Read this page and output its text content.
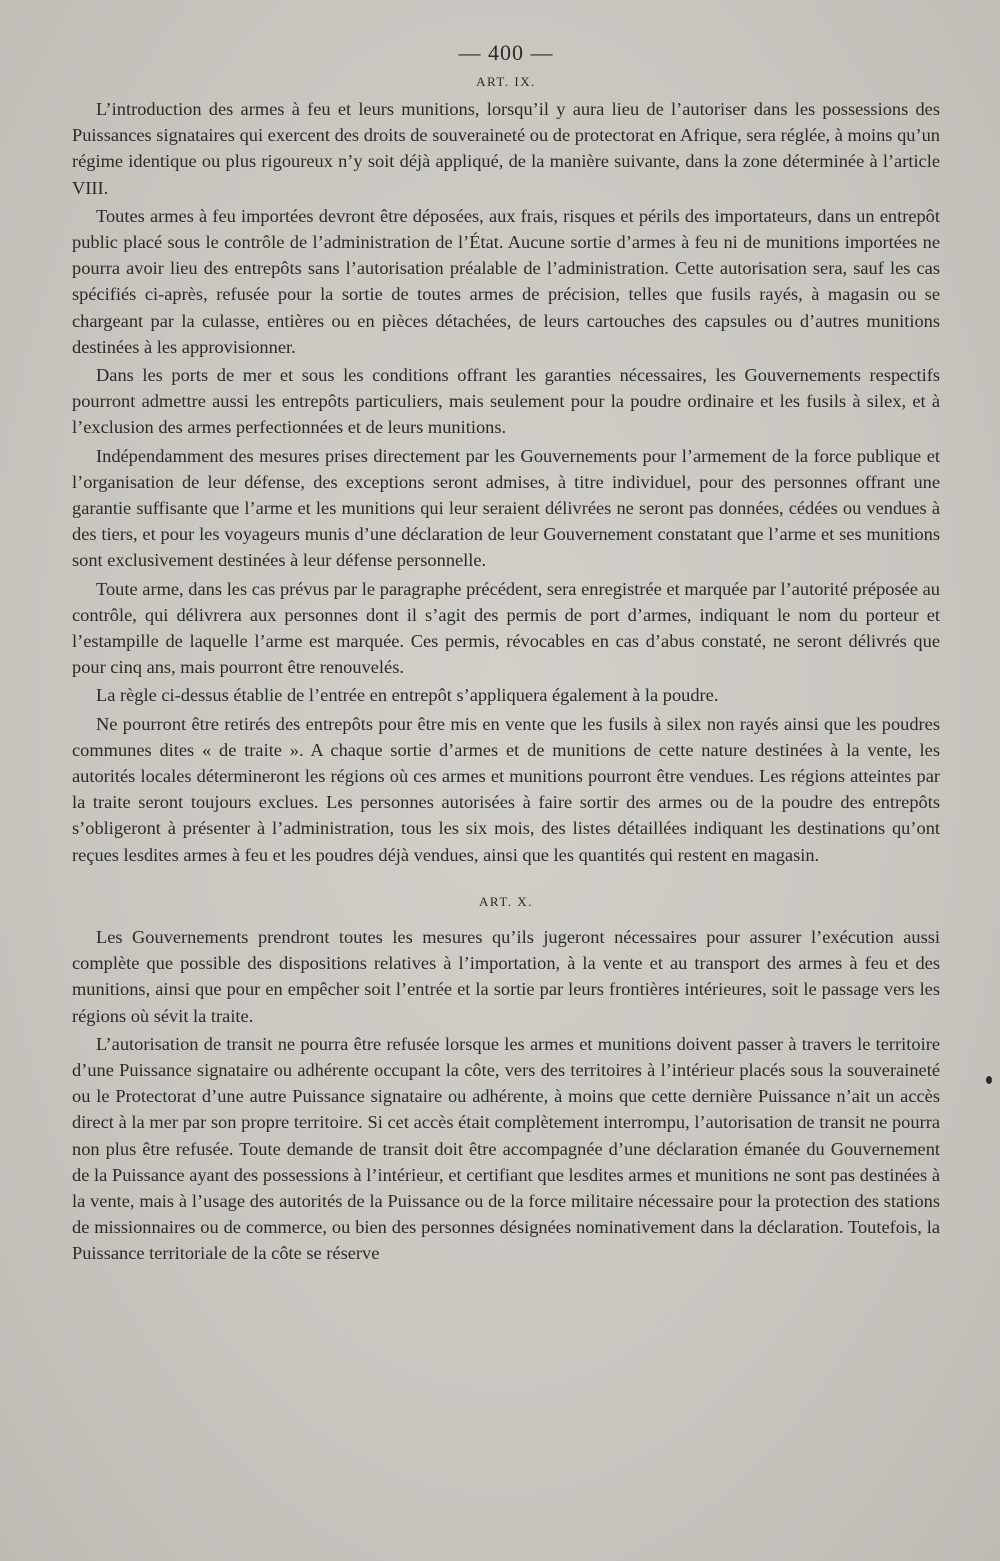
— 400 —
ART. IX.

L’introduction des armes à feu et leurs munitions, lorsqu’il y aura lieu de l’autoriser dans les possessions des Puissances signataires qui exercent des droits de souveraineté ou de protectorat en Afrique, sera réglée, à moins qu’un régime identique ou plus rigoureux n’y soit déjà appliqué, de la manière suivante, dans la zone déterminée à l’article VIII.

Toutes armes à feu importées devront être déposées, aux frais, risques et périls des importateurs, dans un entrepôt public placé sous le contrôle de l’administration de l’État. Aucune sortie d’armes à feu ni de munitions importées ne pourra avoir lieu des entrepôts sans l’autorisation préalable de l’administration. Cette autorisation sera, sauf les cas spécifiés ci-après, refusée pour la sortie de toutes armes de précision, telles que fusils rayés, à magasin ou se chargeant par la culasse, entières ou en pièces détachées, de leurs cartouches des capsules ou d’autres munitions destinées à les approvisionner.

Dans les ports de mer et sous les conditions offrant les garanties nécessaires, les Gouvernements respectifs pourront admettre aussi les entrepôts particuliers, mais seulement pour la poudre ordinaire et les fusils à silex, et à l’exclusion des armes perfectionnées et de leurs munitions.

Indépendamment des mesures prises directement par les Gouvernements pour l’armement de la force publique et l’organisation de leur défense, des exceptions seront admises, à titre individuel, pour des personnes offrant une garantie suffisante que l’arme et les munitions qui leur seraient délivrées ne seront pas données, cédées ou vendues à des tiers, et pour les voyageurs munis d’une déclaration de leur Gouvernement constatant que l’arme et ses munitions sont exclusivement destinées à leur défense personnelle.

Toute arme, dans les cas prévus par le paragraphe précédent, sera enregistrée et marquée par l’autorité préposée au contrôle, qui délivrera aux personnes dont il s’agit des permis de port d’armes, indiquant le nom du porteur et l’estampille de laquelle l’arme est marquée. Ces permis, révocables en cas d’abus constaté, ne seront délivrés que pour cinq ans, mais pourront être renouvelés.

La règle ci-dessus établie de l’entrée en entrepôt s’appliquera également à la poudre.

Ne pourront être retirés des entrepôts pour être mis en vente que les fusils à silex non rayés ainsi que les poudres communes dites « de traite ». A chaque sortie d’armes et de munitions de cette nature destinées à la vente, les autorités locales détermineront les régions où ces armes et munitions pourront être vendues. Les régions atteintes par la traite seront toujours exclues. Les personnes autorisées à faire sortir des armes ou de la poudre des entrepôts s’obligeront à présenter à l’administration, tous les six mois, des listes détaillées indiquant les destinations qu’ont reçues lesdites armes à feu et les poudres déjà vendues, ainsi que les quantités qui restent en magasin.

ART. X.

Les Gouvernements prendront toutes les mesures qu’ils jugeront nécessaires pour assurer l’exécution aussi complète que possible des dispositions relatives à l’importation, à la vente et au transport des armes à feu et des munitions, ainsi que pour en empêcher soit l’entrée et la sortie par leurs frontières intérieures, soit le passage vers les régions où sévit la traite.

L’autorisation de transit ne pourra être refusée lorsque les armes et munitions doivent passer à travers le territoire d’une Puissance signataire ou adhérente occupant la côte, vers des territoires à l’intérieur placés sous la souveraineté ou le Protectorat d’une autre Puissance signataire ou adhérente, à moins que cette dernière Puissance n’ait un accès direct à la mer par son propre territoire. Si cet accès était complètement interrompu, l’autorisation de transit ne pourra non plus être refusée. Toute demande de transit doit être accompagnée d’une déclaration émanée du Gouvernement de la Puissance ayant des possessions à l’intérieur, et certifiant que lesdites armes et munitions ne sont pas destinées à la vente, mais à l’usage des autorités de la Puissance ou de la force militaire nécessaire pour la protection des stations de missionnaires ou de commerce, ou bien des personnes désignées nominativement dans la déclaration. Toutefois, la Puissance territoriale de la côte se réserve
